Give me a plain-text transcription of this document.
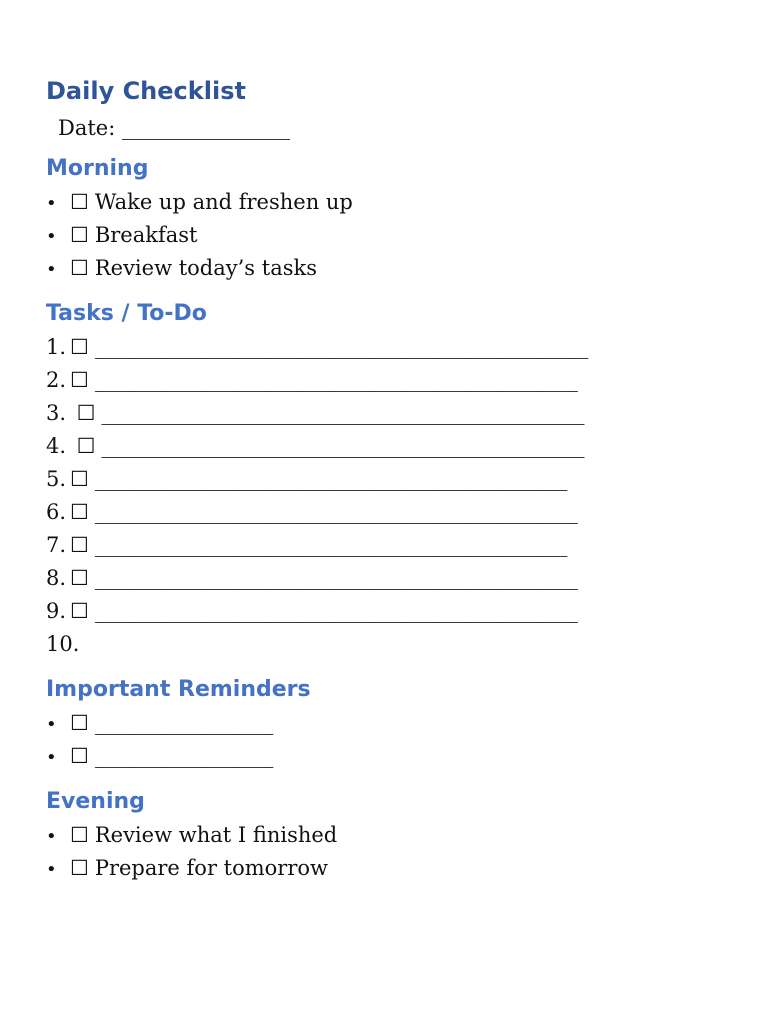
Daily Checklist
Date: ________________
Morning
• ☐ Wake up and freshen up
• ☐ Breakfast
• ☐ Review today’s tasks
Tasks / To-Do
1. ☐ _______________________________________________
2. ☐ ______________________________________________
3. ☐ ______________________________________________
4. ☐ ______________________________________________
5. ☐ _____________________________________________
6. ☐ ______________________________________________
7. ☐ _____________________________________________
8. ☐ ______________________________________________
9. ☐ ______________________________________________
10.
Important Reminders
• ☐ _________________
• ☐ _________________
Evening
• ☐ Review what I finished
• ☐ Prepare for tomorrow
